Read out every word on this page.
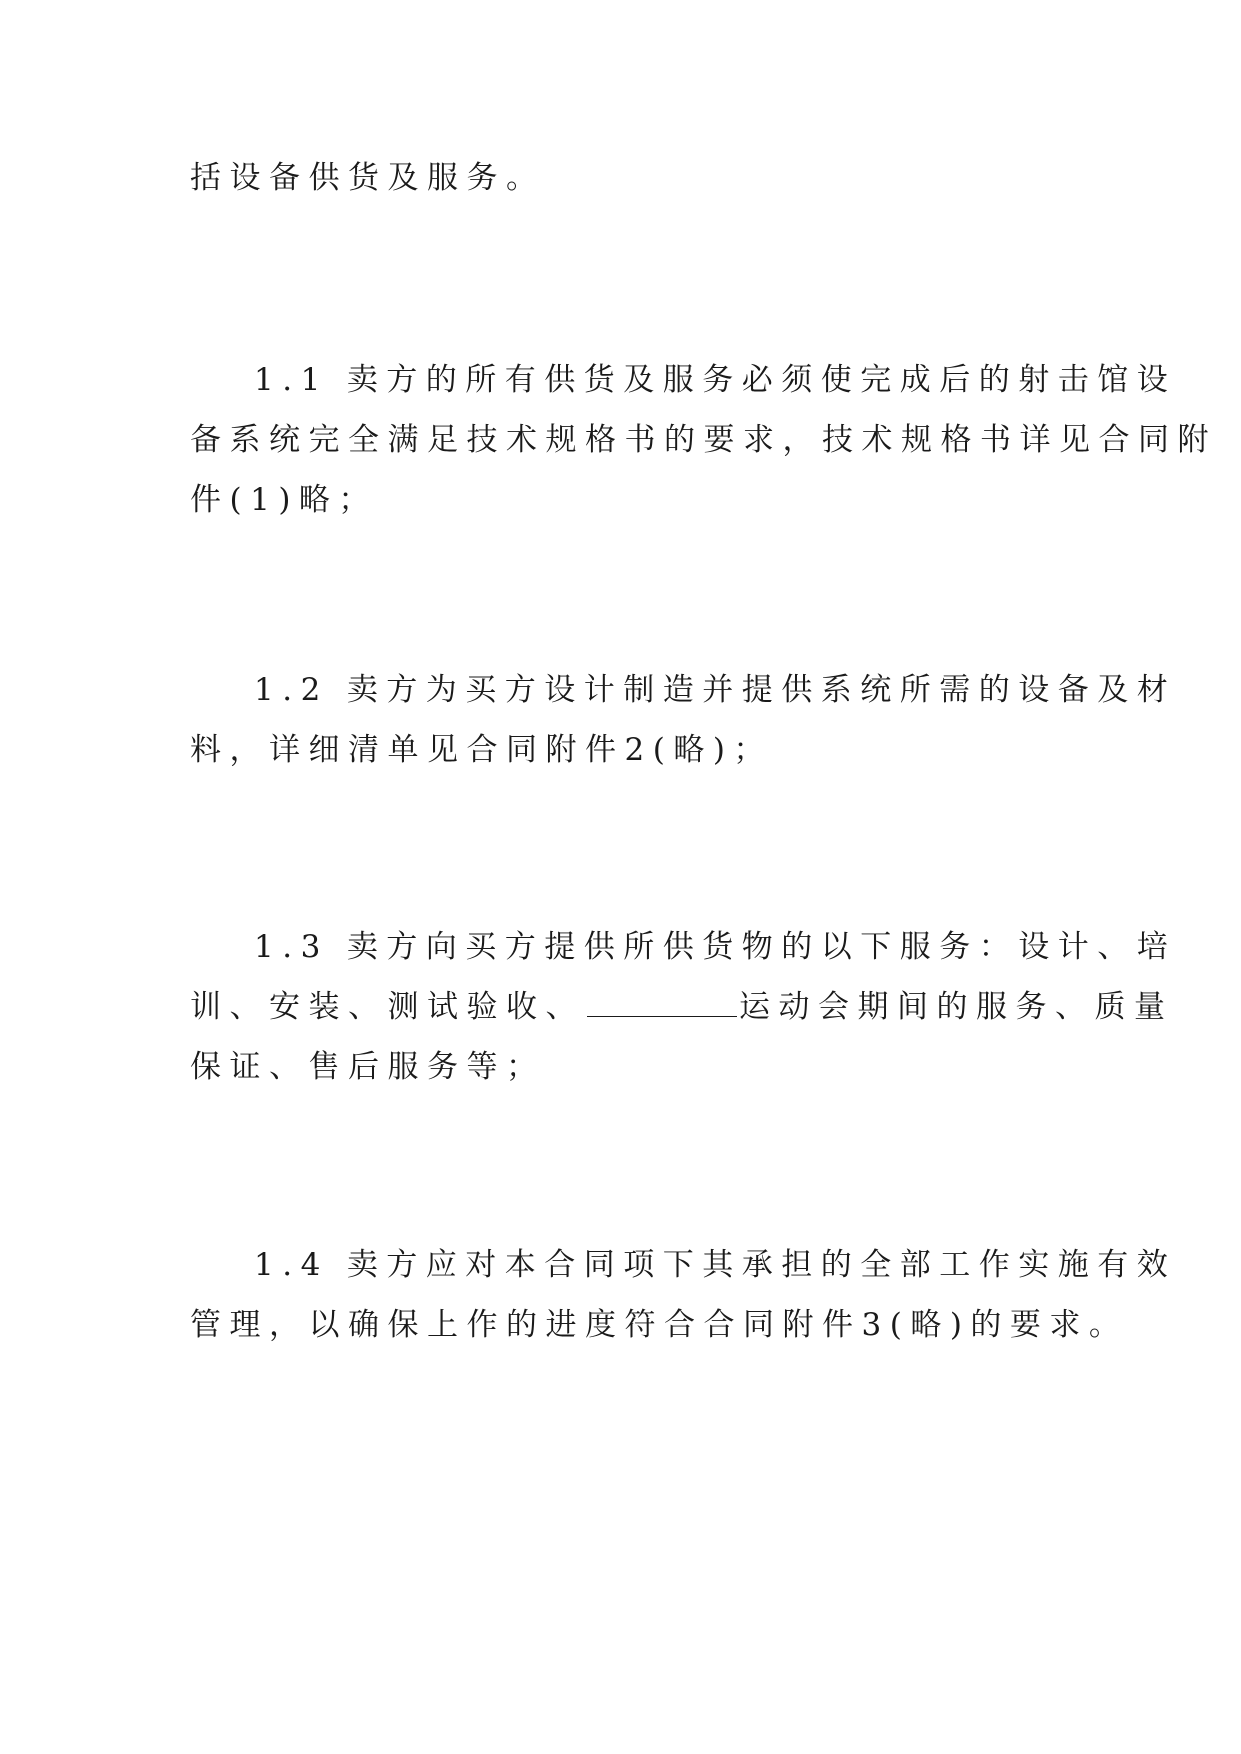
括设备供货及服务。

1.1 卖方的所有供货及服务必须使完成后的射击馆设
备系统完全满足技术规格书的要求，技术规格书详见合同附
件(1)略；

1.2 卖方为买方设计制造并提供系统所需的设备及材
料，详细清单见合同附件2(略)；

1.3 卖方向买方提供所供货物的以下服务：设计、培
训、安装、测试验收、	运动会期间的服务、质量
保证、售后服务等；

1.4 卖方应对本合同项下其承担的全部工作实施有效
管理，以确保上作的进度符合合同附件3(略)的要求。
